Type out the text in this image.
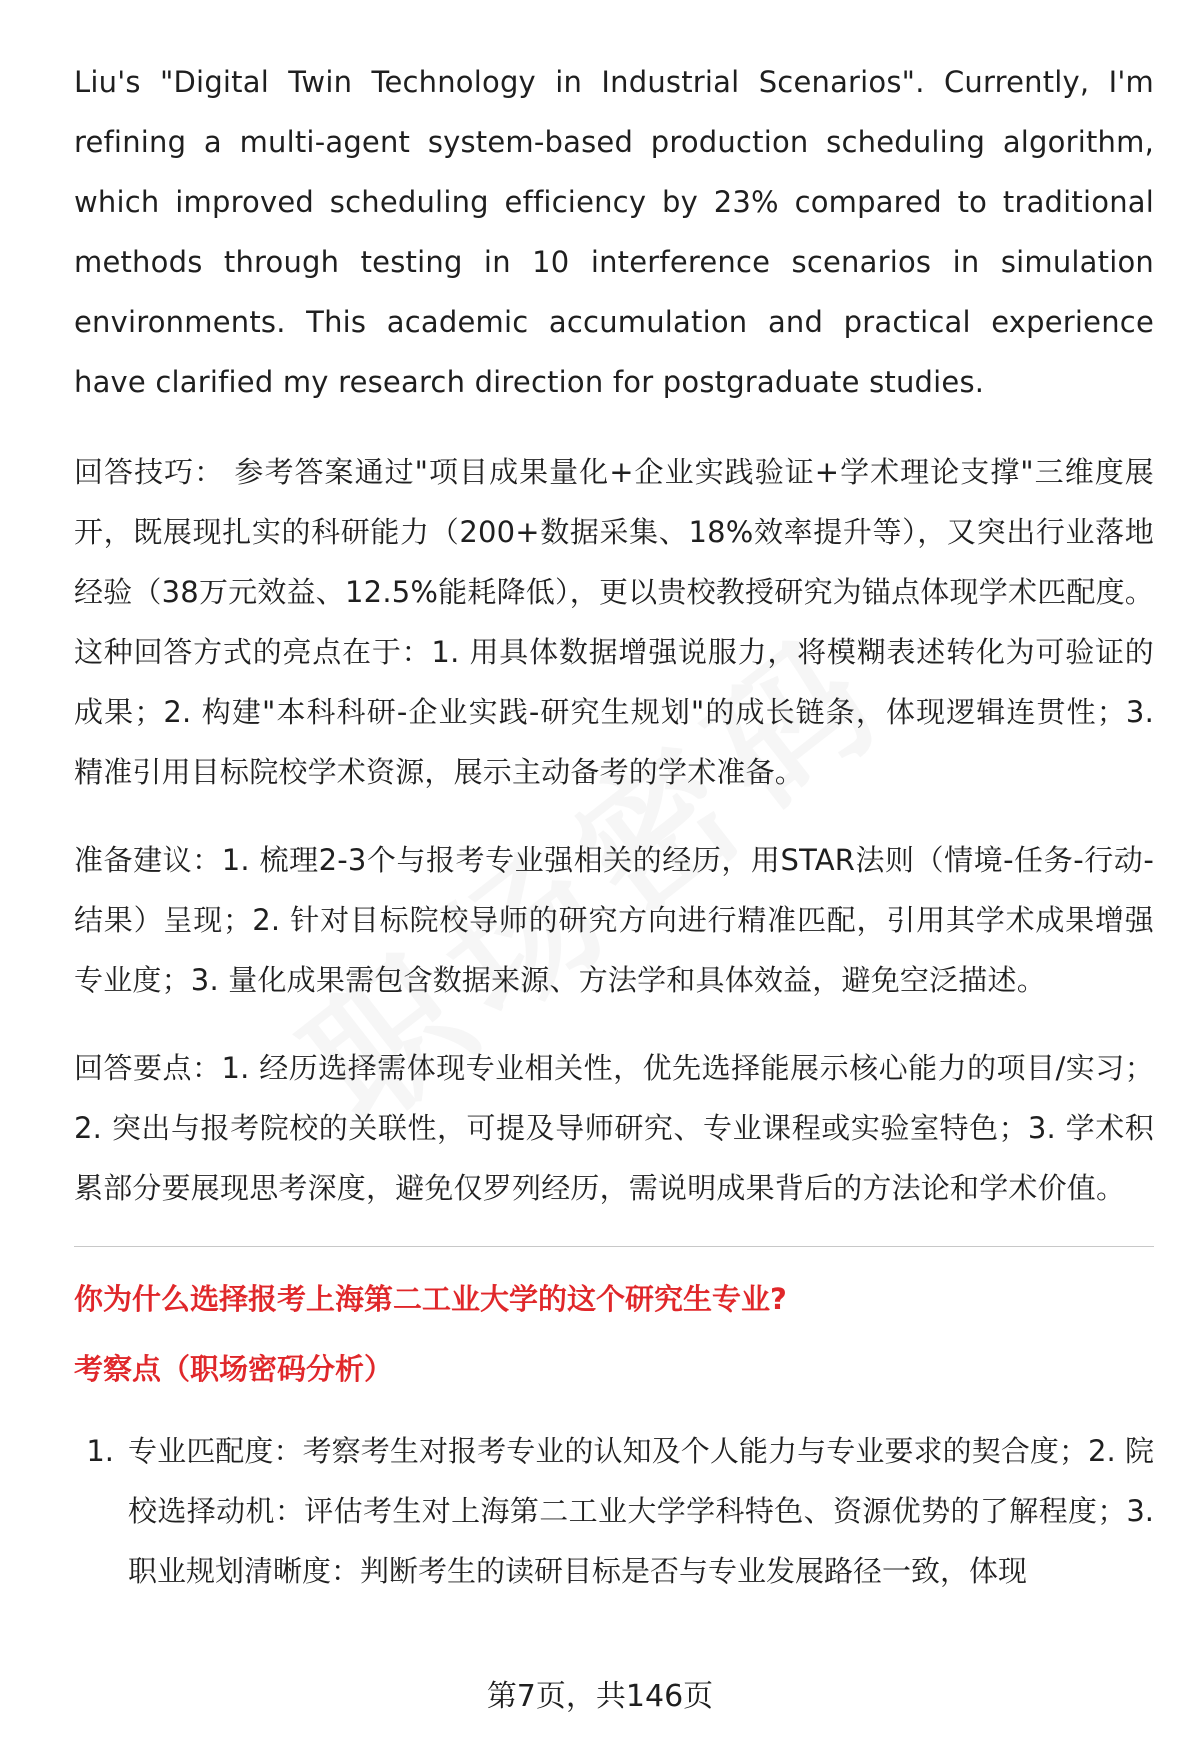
Liu's "Digital Twin Technology in Industrial Scenarios". Currently, I'm refining a multi-agent system-based production scheduling algorithm, which improved scheduling efficiency by 23% compared to traditional methods through testing in 10 interference scenarios in simulation environments. This academic accumulation and practical experience have clarified my research direction for postgraduate studies.

回答技巧： 参考答案通过"项目成果量化+企业实践验证+学术理论支撑"三维度展开，既展现扎实的科研能力（200+数据采集、18%效率提升等），又突出行业落地经验（38万元效益、12.5%能耗降低），更以贵校教授研究为锚点体现学术匹配度。这种回答方式的亮点在于：1. 用具体数据增强说服力，将模糊表述转化为可验证的成果；2. 构建"本科科研-企业实践-研究生规划"的成长链条，体现逻辑连贯性；3. 精准引用目标院校学术资源，展示主动备考的学术准备。

准备建议：1. 梳理2-3个与报考专业强相关的经历，用STAR法则（情境-任务-行动-结果）呈现；2. 针对目标院校导师的研究方向进行精准匹配，引用其学术成果增强专业度；3. 量化成果需包含数据来源、方法学和具体效益，避免空泛描述。

回答要点：1. 经历选择需体现专业相关性，优先选择能展示核心能力的项目/实习；2. 突出与报考院校的关联性，可提及导师研究、专业课程或实验室特色；3. 学术积累部分要展现思考深度，避免仅罗列经历，需说明成果背后的方法论和学术价值。

你为什么选择报考上海第二工业大学的这个研究生专业?
考察点（职场密码分析）
1. 专业匹配度：考察考生对报考专业的认知及个人能力与专业要求的契合度；2. 院校选择动机：评估考生对上海第二工业大学学科特色、资源优势的了解程度；3. 职业规划清晰度：判断考生的读研目标是否与专业发展路径一致，体现
第7页，共146页
